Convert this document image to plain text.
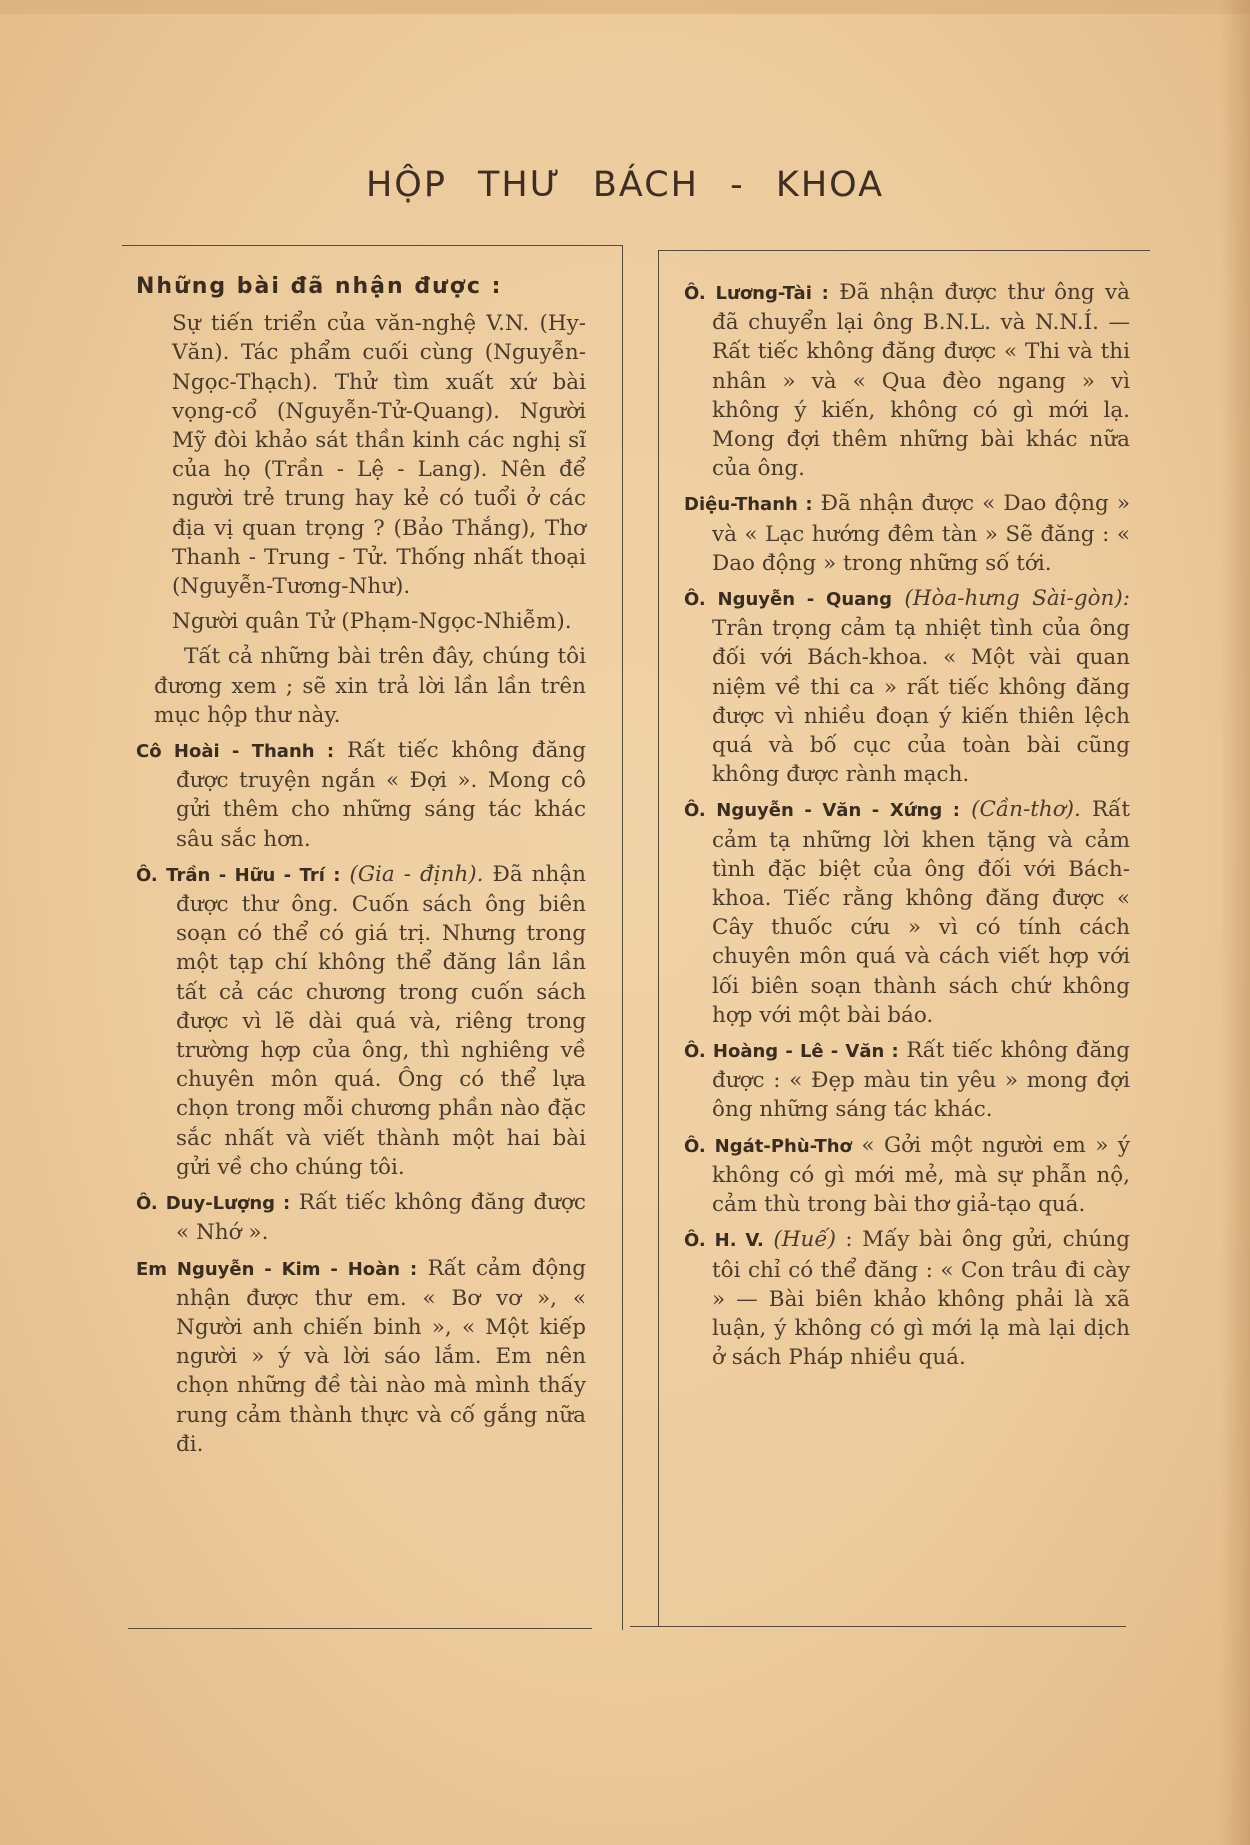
HỘP THƯ BÁCH - KHOA
Những bài đã nhận được :

Sự tiến triển của văn-nghệ V.N. (Hy-Văn). Tác phẩm cuối cùng (Nguyễn-Ngọc-Thạch). Thử tìm xuất xứ bài vọng-cổ (Nguyễn-Tử-Quang). Người Mỹ đòi khảo sát thần kinh các nghị sĩ của họ (Trần - Lệ - Lang). Nên để người trẻ trung hay kẻ có tuổi ở các địa vị quan trọng ? (Bảo Thắng), Thơ Thanh - Trung - Tử. Thống nhất thoại (Nguyễn-Tương-Như).

Người quân Tử (Phạm-Ngọc-Nhiễm).

Tất cả những bài trên đây, chúng tôi đương xem ; sẽ xin trả lời lần lần trên mục hộp thư này.

Cô Hoài - Thanh : Rất tiếc không đăng được truyện ngắn « Đợi ». Mong cô gửi thêm cho những sáng tác khác sâu sắc hơn.

Ô. Trần - Hữu - Trí : (Gia - định). Đã nhận được thư ông. Cuốn sách ông biên soạn có thể có giá trị. Nhưng trong một tạp chí không thể đăng lần lần tất cả các chương trong cuốn sách được vì lẽ dài quá và, riêng trong trường hợp của ông, thì nghiêng về chuyên môn quá. Ông có thể lựa chọn trong mỗi chương phần nào đặc sắc nhất và viết thành một hai bài gửi về cho chúng tôi.

Ô. Duy-Lượng : Rất tiếc không đăng được « Nhớ ».

Em Nguyễn - Kim - Hoàn : Rất cảm động nhận được thư em. « Bơ vơ », « Người anh chiến binh », « Một kiếp người » ý và lời sáo lắm. Em nên chọn những đề tài nào mà mình thấy rung cảm thành thực và cố gắng nữa đi.

Ô. Lương-Tài : Đã nhận được thư ông và đã chuyển lại ông B.N.L. và N.N.Í. — Rất tiếc không đăng được « Thi và thi nhân » và « Qua đèo ngang » vì không ý kiến, không có gì mới lạ. Mong đợi thêm những bài khác nữa của ông.

Diệu-Thanh : Đã nhận được « Dao động » và « Lạc hướng đêm tàn » Sẽ đăng : « Dao động » trong những số tới.

Ô. Nguyễn - Quang (Hòa-hưng Sài-gòn): Trân trọng cảm tạ nhiệt tình của ông đối với Bách-khoa. « Một vài quan niệm về thi ca » rất tiếc không đăng được vì nhiều đoạn ý kiến thiên lệch quá và bố cục của toàn bài cũng không được rành mạch.

Ô. Nguyễn - Văn - Xứng : (Cần-thơ). Rất cảm tạ những lời khen tặng và cảm tình đặc biệt của ông đối với Bách-khoa. Tiếc rằng không đăng được « Cây thuốc cứu » vì có tính cách chuyên môn quá và cách viết hợp với lối biên soạn thành sách chứ không hợp với một bài báo.

Ô. Hoàng - Lê - Văn : Rất tiếc không đăng được : « Đẹp màu tin yêu » mong đợi ông những sáng tác khác.

Ô. Ngát-Phù-Thơ « Gởi một người em » ý không có gì mới mẻ, mà sự phẫn nộ, cảm thù trong bài thơ giả-tạo quá.

Ô. H. V. (Huế) : Mấy bài ông gửi, chúng tôi chỉ có thể đăng : « Con trâu đi cày » — Bài biên khảo không phải là xã luận, ý không có gì mới lạ mà lại dịch ở sách Pháp nhiều quá.
